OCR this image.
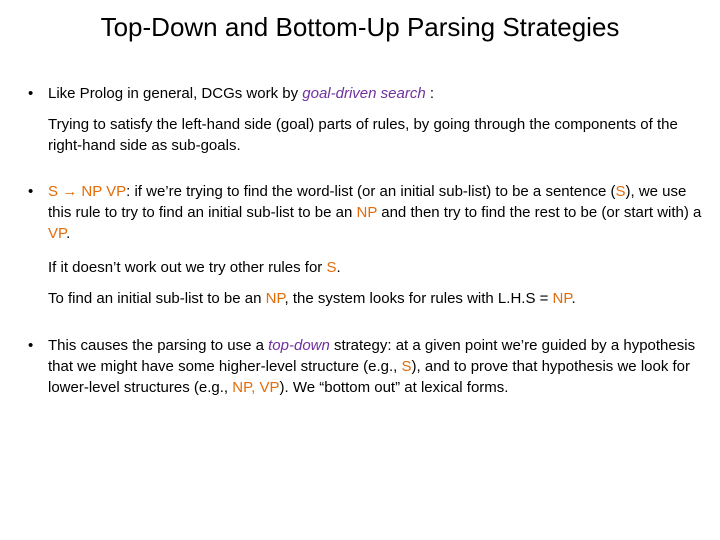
Top-Down and Bottom-Up Parsing Strategies
• Like Prolog in general, DCGs work by goal-driven search :
Trying to satisfy the left-hand side (goal) parts of rules, by going through the components of the right-hand side as sub-goals.
• S → NP VP: if we’re trying to find the word-list (or an initial sub-list) to be a sentence (S), we use this rule to try to find an initial sub-list to be an NP and then try to find the rest to be (or start with) a VP.
If it doesn’t work out we try other rules for S.
To find an initial sub-list to be an NP, the system looks for rules with L.H.S = NP.
• This causes the parsing to use a top-down strategy: at a given point we’re guided by a hypothesis that we might have some higher-level structure (e.g., S), and to prove that hypothesis we look for lower-level structures (e.g., NP, VP). We “bottom out” at lexical forms.
